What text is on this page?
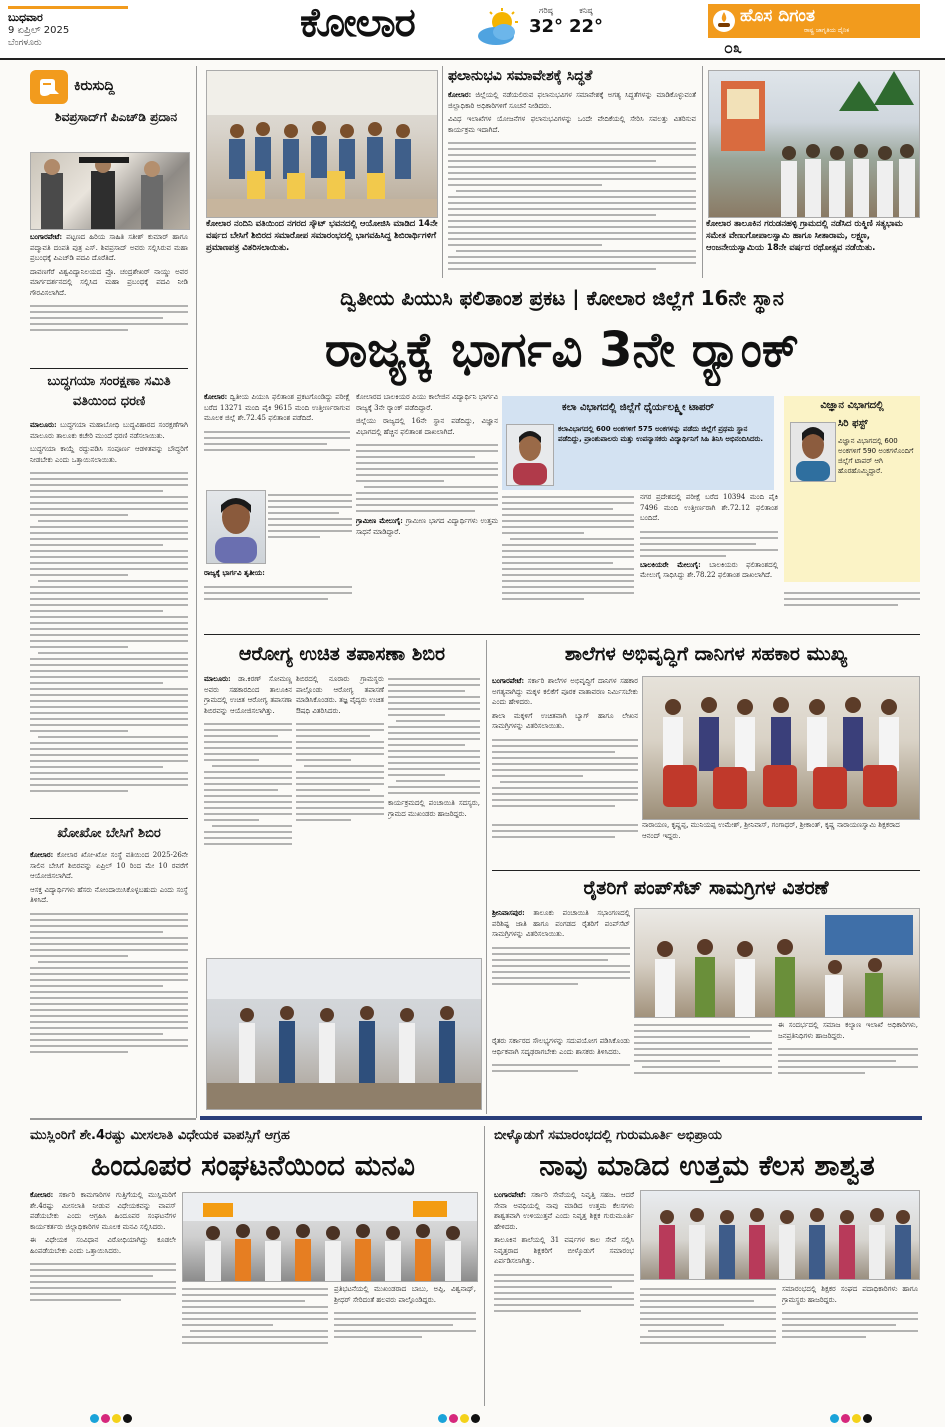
ಬುಧವಾರ
9 ಏಪ್ರಿಲ್ 2025
ಬೆಂಗಳೂರು	ಕೋಲಾರ	ಗರಿಷ್ಠ
32°
ಕನಿಷ್ಠ
22°	ಹೊಸ ದಿಗಂತ
ರಾಷ್ಟ್ರ ಜಾಗೃತಿಯ ದೈನಿಕ
೦೩
ಕಿರುಸುದ್ದಿ
ಶಿವಪ್ರಸಾದ್‌ಗೆ ಪಿಎಚ್‌ಡಿ ಪ್ರದಾನ

ಬಂಗಾರಪೇಟೆ: ಪಟ್ಟಣದ ಹಿರಿಯ ಸಾಹಿತಿ ಸತೀಶ್ ಕುಮಾರ್ ಹಾಗೂ ಪದ್ಮಾವತಿ ದಂಪತಿ ಪುತ್ರ ಎಸ್. ಶಿವಪ್ರಸಾದ್ ಅವರು ಸಲ್ಲಿಸಿರುವ ಮಹಾ ಪ್ರಬಂಧಕ್ಕೆ ಪಿಎಚ್‌ಡಿ ಪದವಿ ದೊರೆತಿದೆ.

ದಾವಣಗೆರೆ ವಿಶ್ವವಿದ್ಯಾನಿಲಯದ ಪ್ರೊ. ಚಂದ್ರಶೇಖರ್ ನಾಯ್ಡು ಅವರ ಮಾರ್ಗದರ್ಶನದಲ್ಲಿ ಸಲ್ಲಿಸಿದ ಮಹಾ ಪ್ರಬಂಧಕ್ಕೆ ಪದವಿ ನೀಡಿ ಗೌರವಿಸಲಾಗಿದೆ.

ಬುದ್ಧಗಯಾ ಸಂರಕ್ಷಣಾ ಸಮಿತಿ ವತಿಯಿಂದ ಧರಣಿ

ಮಾಲೂರು: ಬುದ್ಧಗಯಾ ಮಹಾಬೋಧಿ ಬುದ್ಧವಿಹಾರದ ಸಂರಕ್ಷಣೆಗಾಗಿ ಮಾಲೂರು ತಾಲೂಕು ಕಚೇರಿ ಮುಂದೆ ಧರಣಿ ನಡೆಸಲಾಯಿತು.

ಬುದ್ಧಗಯಾ ಕಾಯ್ದೆ ರದ್ದುಪಡಿಸಿ ಸಂಪೂರ್ಣ ಆಡಳಿತವನ್ನು ಬೌದ್ಧರಿಗೆ ನೀಡಬೇಕು ಎಂದು ಒತ್ತಾಯಿಸಲಾಯಿತು.

ಖೋಖೋ ಬೇಸಿಗೆ ಶಿಬಿರ

ಕೋಲಾರ: ಕೋಲಾರ ಖೋ-ಖೋ ಸಂಸ್ಥೆ ವತಿಯಿಂದ 2025-26ನೇ ಸಾಲಿನ ಬೇಸಿಗೆ ಶಿಬಿರವನ್ನು ಏಪ್ರಿಲ್ 10 ರಿಂದ ಮೇ 10 ರವರೆಗೆ ಆಯೋಜಿಸಲಾಗಿದೆ.

ಆಸಕ್ತ ವಿದ್ಯಾರ್ಥಿಗಳು ಹೆಸರು ನೋಂದಾಯಿಸಿಕೊಳ್ಳಬಹುದು ಎಂದು ಸಂಸ್ಥೆ ತಿಳಿಸಿದೆ.

ಕೋಲಾರ ನಂದಿನಿ ವತಿಯಿಂದ ನಗರದ ಸ್ಕೌಟ್ ಭವನದಲ್ಲಿ ಆಯೋಜಿಸಿ ಮಾಡಿದ 14ನೇ ವರ್ಷದ ಬೇಸಿಗೆ ಶಿಬಿರದ ಸಮಾರೋಪ ಸಮಾರಂಭದಲ್ಲಿ ಭಾಗವಹಿಸಿದ್ದ ಶಿಬಿರಾರ್ಥಿಗಳಿಗೆ ಪ್ರಮಾಣಪತ್ರ ವಿತರಿಸಲಾಯಿತು.
ಫಲಾನುಭವಿ ಸಮಾವೇಶಕ್ಕೆ ಸಿದ್ಧತೆ

ಕೋಲಾರ: ಜಿಲ್ಲೆಯಲ್ಲಿ ನಡೆಯಲಿರುವ ಫಲಾನುಭವಿಗಳ ಸಮಾವೇಶಕ್ಕೆ ಅಗತ್ಯ ಸಿದ್ಧತೆಗಳನ್ನು ಮಾಡಿಕೊಳ್ಳುವಂತೆ ಜಿಲ್ಲಾಧಿಕಾರಿ ಅಧಿಕಾರಿಗಳಿಗೆ ಸೂಚನೆ ನೀಡಿದರು.

ವಿವಿಧ ಇಲಾಖೆಗಳ ಯೋಜನೆಗಳ ಫಲಾನುಭವಿಗಳನ್ನು ಒಂದೇ ವೇದಿಕೆಯಲ್ಲಿ ಸೇರಿಸಿ ಸವಲತ್ತು ವಿತರಿಸುವ ಕಾರ್ಯಕ್ರಮ ಇದಾಗಿದೆ.

ಕೋಲಾರ ತಾಲೂಕಿನ ಗರುಡನಹಳ್ಳಿ ಗ್ರಾಮದಲ್ಲಿ ನಡೆಸಿದ ರುಕ್ಮಿಣಿ ಸತ್ಯಭಾಮ ಸಮೇತ ವೇಣುಗೋಪಾಲಸ್ವಾಮಿ ಹಾಗೂ ಸೀತಾರಾಮ, ಲಕ್ಷ್ಮಣ, ಆಂಜನೇಯಸ್ವಾಮಿಯ 18ನೇ ವರ್ಷದ ರಥೋತ್ಸವ ನಡೆಯಿತು.
ದ್ವಿತೀಯ ಪಿಯುಸಿ ಫಲಿತಾಂಶ ಪ್ರಕಟ | ಕೋಲಾರ ಜಿಲ್ಲೆಗೆ 16ನೇ ಸ್ಥಾನ
ರಾಜ್ಯಕ್ಕೆ ಭಾರ್ಗವಿ 3ನೇ ರ್‍ಯಾಂಕ್

ಕೋಲಾರ: ದ್ವಿತೀಯ ಪಿಯುಸಿ ಫಲಿತಾಂಶ ಪ್ರಕಟಗೊಂಡಿದ್ದು ಪರೀಕ್ಷೆ ಬರೆದ 13271 ಮಂದಿ ಪೈಕಿ 9615 ಮಂದಿ ಉತ್ತೀರ್ಣರಾಗುವ ಮೂಲಕ ಜಿಲ್ಲೆ ಶೇ.72.45 ಫಲಿತಾಂಶ ಪಡೆದಿದೆ.

ರಾಜ್ಯಕ್ಕೆ ಭಾರ್ಗವಿ ತೃತೀಯ:

ಕೋಲಾರದ ಬಾಲಕಿಯರ ಪಿಯು ಕಾಲೇಜಿನ ವಿದ್ಯಾರ್ಥಿನಿ ಭಾರ್ಗವಿ ರಾಜ್ಯಕ್ಕೆ 3ನೇ ರ್‍ಯಾಂಕ್ ಪಡೆದಿದ್ದಾರೆ.

ಜಿಲ್ಲೆಯು ರಾಜ್ಯದಲ್ಲಿ 16ನೇ ಸ್ಥಾನ ಪಡೆದಿದ್ದು, ವಿಜ್ಞಾನ ವಿಭಾಗದಲ್ಲಿ ಹೆಚ್ಚಿನ ಫಲಿತಾಂಶ ದಾಖಲಾಗಿದೆ.

ಗ್ರಾಮೀಣ ಮೇಲುಗೈ: ಗ್ರಾಮೀಣ ಭಾಗದ ವಿದ್ಯಾರ್ಥಿಗಳು ಉತ್ತಮ ಸಾಧನೆ ಮಾಡಿದ್ದಾರೆ.

ಕಲಾ ವಿಭಾಗದಲ್ಲಿ ಜಿಲ್ಲೆಗೆ ಧೈರ್ಯಲಕ್ಷ್ಮೀ ಟಾಪರ್
ಕಲಾವಿಭಾಗದಲ್ಲಿ 600 ಅಂಕಗಳಿಗೆ 575 ಅಂಕಗಳನ್ನು ಪಡೆದು ಜಿಲ್ಲೆಗೆ ಪ್ರಥಮ ಸ್ಥಾನ ಪಡೆದಿದ್ದು, ಪ್ರಾಂಶುಪಾಲರು ಮತ್ತು ಉಪನ್ಯಾಸಕರು ವಿದ್ಯಾರ್ಥಿನಿಗೆ ಸಿಹಿ ತಿನಿಸಿ ಅಭಿನಂದಿಸಿದರು.

ನಗರ ಪ್ರದೇಶದಲ್ಲಿ ಪರೀಕ್ಷೆ ಬರೆದ 10394 ಮಂದಿ ಪೈಕಿ 7496 ಮಂದಿ ಉತ್ತೀರ್ಣರಾಗಿ ಶೇ.72.12 ಫಲಿತಾಂಶ ಬಂದಿದೆ.

ಬಾಲಕಿಯರೇ ಮೇಲುಗೈ: ಬಾಲಕಿಯರು ಫಲಿತಾಂಶದಲ್ಲಿ ಮೇಲುಗೈ ಸಾಧಿಸಿದ್ದು ಶೇ.78.22 ಫಲಿತಾಂಶ ದಾಖಲಾಗಿದೆ.

ವಿಜ್ಞಾನ ವಿಭಾಗದಲ್ಲಿ
ಸಿರಿ ಫಸ್ಟ್
ವಿಜ್ಞಾನ ವಿಭಾಗದಲ್ಲಿ 600 ಅಂಕಗಳಿಗೆ 590 ಅಂಕಗಳೊಂದಿಗೆ ಜಿಲ್ಲೆಗೆ ಟಾಪರ್ ಆಗಿ ಹೊರಹೊಮ್ಮಿದ್ದಾರೆ.
ಆರೋಗ್ಯ ಉಚಿತ ತಪಾಸಣಾ ಶಿಬಿರ

ಮಾಲೂರು: ಡಾ.ಕಿರಣ್ ಸೋಮಣ್ಣ ಅವರು ಸಹಕಾರದಿಂದ ತಾಲೂಕಿನ ಗ್ರಾಮದಲ್ಲಿ ಉಚಿತ ಆರೋಗ್ಯ ತಪಾಸಣಾ ಶಿಬಿರವನ್ನು ಆಯೋಜಿಸಲಾಗಿತ್ತು.

ಶಿಬಿರದಲ್ಲಿ ನೂರಾರು ಗ್ರಾಮಸ್ಥರು ಪಾಲ್ಗೊಂಡು ಆರೋಗ್ಯ ತಪಾಸಣೆ ಮಾಡಿಸಿಕೊಂಡರು. ತಜ್ಞ ವೈದ್ಯರು ಉಚಿತ ಔಷಧಿ ವಿತರಿಸಿದರು.

ಕಾರ್ಯಕ್ರಮದಲ್ಲಿ ಪಂಚಾಯಿತಿ ಸದಸ್ಯರು, ಗ್ರಾಮದ ಮುಖಂಡರು ಹಾಜರಿದ್ದರು.

ಶಾಲೆಗಳ ಅಭಿವೃದ್ಧಿಗೆ ದಾನಿಗಳ ಸಹಕಾರ ಮುಖ್ಯ

ಬಂಗಾರಪೇಟೆ: ಸರ್ಕಾರಿ ಶಾಲೆಗಳ ಅಭಿವೃದ್ಧಿಗೆ ದಾನಿಗಳ ಸಹಕಾರ ಅಗತ್ಯವಾಗಿದ್ದು ಮಕ್ಕಳ ಕಲಿಕೆಗೆ ಪೂರಕ ವಾತಾವರಣ ನಿರ್ಮಿಸಬೇಕು ಎಂದು ಹೇಳಿದರು.

ಶಾಲಾ ಮಕ್ಕಳಿಗೆ ಉಚಿತವಾಗಿ ಬ್ಯಾಗ್ ಹಾಗೂ ಲೇಖನ ಸಾಮಗ್ರಿಗಳನ್ನು ವಿತರಿಸಲಾಯಿತು.

ನಾರಾಯಣ, ಕೃಷ್ಣಪ್ಪ, ಮುನಿಯಪ್ಪ ಉಮೇಶ್, ಶ್ರೀನಿವಾಸ್, ಗಂಗಾಧರ್, ಶ್ರೀಕಾಂತ್, ಕೃಷ್ಣ ನಾರಾಯಣಸ್ವಾಮಿ ಶಿಕ್ಷಕರಾದ ಆನಂದ್ ಇದ್ದರು.
ರೈತರಿಗೆ ಪಂಪ್‌ಸೆಟ್ ಸಾಮಗ್ರಿಗಳ ವಿತರಣೆ

ಶ್ರೀನಿವಾಸಪುರ: ತಾಲೂಕು ಪಂಚಾಯಿತಿ ಸಭಾಂಗಣದಲ್ಲಿ ಪರಿಶಿಷ್ಟ ಜಾತಿ ಹಾಗೂ ಪಂಗಡದ ರೈತರಿಗೆ ಪಂಪ್‌ಸೆಟ್ ಸಾಮಗ್ರಿಗಳನ್ನು ವಿತರಿಸಲಾಯಿತು.

ರೈತರು ಸರ್ಕಾರದ ಸೌಲಭ್ಯಗಳನ್ನು ಸದುಪಯೋಗ ಪಡಿಸಿಕೊಂಡು ಆರ್ಥಿಕವಾಗಿ ಸದೃಢರಾಗಬೇಕು ಎಂದು ಶಾಸಕರು ತಿಳಿಸಿದರು.

ಈ ಸಂದರ್ಭದಲ್ಲಿ ಸಮಾಜ ಕಲ್ಯಾಣ ಇಲಾಖೆ ಅಧಿಕಾರಿಗಳು, ಜನಪ್ರತಿನಿಧಿಗಳು ಹಾಜರಿದ್ದರು.

ಮುಸ್ಲಿಂರಿಗೆ ಶೇ.4ರಷ್ಟು ಮೀಸಲಾತಿ ವಿಧೇಯಕ ವಾಪಸ್ಸಿಗೆ ಆಗ್ರಹ
ಹಿಂದೂಪರ ಸಂಘಟನೆಯಿಂದ ಮನವಿ

ಕೋಲಾರ: ಸರ್ಕಾರಿ ಕಾಮಗಾರಿಗಳ ಗುತ್ತಿಗೆಯಲ್ಲಿ ಮುಸ್ಲಿಮರಿಗೆ ಶೇ.4ರಷ್ಟು ಮೀಸಲಾತಿ ನೀಡುವ ವಿಧೇಯಕವನ್ನು ವಾಪಸ್ ಪಡೆಯಬೇಕು ಎಂದು ಆಗ್ರಹಿಸಿ ಹಿಂದೂಪರ ಸಂಘಟನೆಗಳ ಕಾರ್ಯಕರ್ತರು ಜಿಲ್ಲಾಧಿಕಾರಿಗಳ ಮೂಲಕ ಮನವಿ ಸಲ್ಲಿಸಿದರು.

ಈ ವಿಧೇಯಕ ಸಂವಿಧಾನ ವಿರೋಧಿಯಾಗಿದ್ದು ಕೂಡಲೇ ಹಿಂಪಡೆಯಬೇಕು ಎಂದು ಒತ್ತಾಯಿಸಿದರು.

ಪ್ರತಿಭಟನೆಯಲ್ಲಿ ಮುಖಂಡರಾದ ಬಾಬು, ಅಪ್ಪಿ, ವಿಶ್ವನಾಥ್, ಶ್ರೀಧರ್ ಸೇರಿದಂತೆ ಹಲವರು ಪಾಲ್ಗೊಂಡಿದ್ದರು.

ಬೀಳ್ಕೊಡುಗೆ ಸಮಾರಂಭದಲ್ಲಿ ಗುರುಮೂರ್ತಿ ಅಭಿಪ್ರಾಯ
ನಾವು ಮಾಡಿದ ಉತ್ತಮ ಕೆಲಸ ಶಾಶ್ವತ

ಬಂಗಾರಪೇಟೆ: ಸರ್ಕಾರಿ ಸೇವೆಯಲ್ಲಿ ನಿವೃತ್ತಿ ಸಹಜ. ಆದರೆ ಸೇವಾ ಅವಧಿಯಲ್ಲಿ ನಾವು ಮಾಡಿದ ಉತ್ತಮ ಕೆಲಸಗಳು ಶಾಶ್ವತವಾಗಿ ಉಳಿಯುತ್ತವೆ ಎಂದು ನಿವೃತ್ತ ಶಿಕ್ಷಕ ಗುರುಮೂರ್ತಿ ಹೇಳಿದರು.

ತಾಲೂಕಿನ ಶಾಲೆಯಲ್ಲಿ 31 ವರ್ಷಗಳ ಕಾಲ ಸೇವೆ ಸಲ್ಲಿಸಿ ನಿವೃತ್ತರಾದ ಶಿಕ್ಷಕರಿಗೆ ಬೀಳ್ಕೊಡುಗೆ ಸಮಾರಂಭ ಏರ್ಪಡಿಸಲಾಗಿತ್ತು.

ಸಮಾರಂಭದಲ್ಲಿ ಶಿಕ್ಷಕರ ಸಂಘದ ಪದಾಧಿಕಾರಿಗಳು ಹಾಗೂ ಗ್ರಾಮಸ್ಥರು ಹಾಜರಿದ್ದರು.
